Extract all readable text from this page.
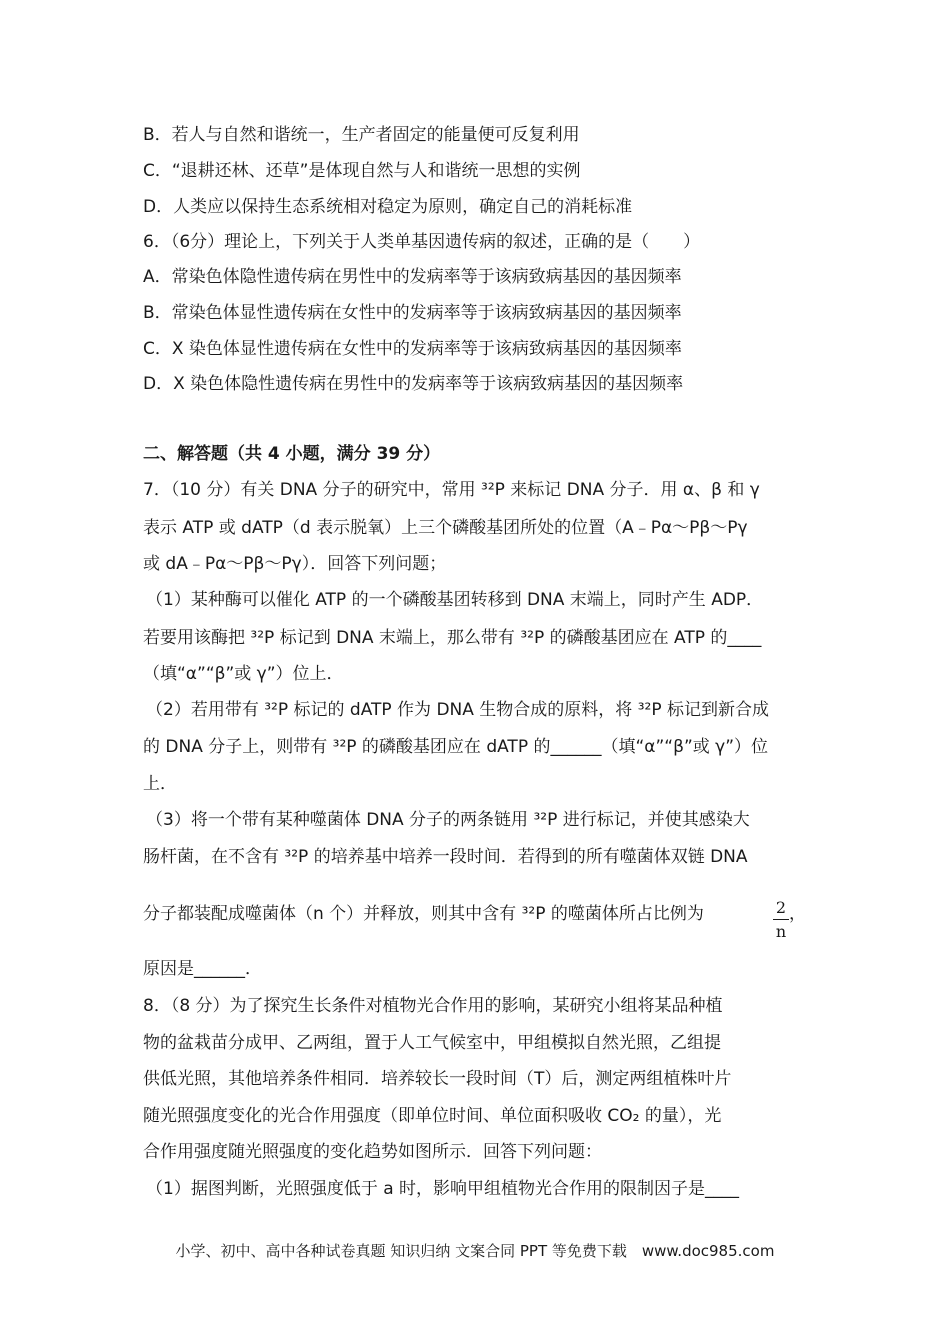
B．若人与自然和谐统一，生产者固定的能量便可反复利用
C．“退耕还林、还草”是体现自然与人和谐统一思想的实例
D．人类应以保持生态系统相对稳定为原则，确定自己的消耗标准
6．（6分）理论上，下列关于人类单基因遗传病的叙述，正确的是（　　）
A．常染色体隐性遗传病在男性中的发病率等于该病致病基因的基因频率
B．常染色体显性遗传病在女性中的发病率等于该病致病基因的基因频率
C．X 染色体显性遗传病在女性中的发病率等于该病致病基因的基因频率
D．X 染色体隐性遗传病在男性中的发病率等于该病致病基因的基因频率
二、解答题（共 4 小题，满分 39 分）
7．（10 分）有关 DNA 分子的研究中，常用 ³²P 来标记 DNA 分子．用 α、β 和 γ
表示 ATP 或 dATP（d 表示脱氧）上三个磷酸基团所处的位置（A﹣Pα～Pβ～Pγ
或 dA﹣Pα～Pβ～Pγ）．回答下列问题；
（1）某种酶可以催化 ATP 的一个磷酸基团转移到 DNA 末端上，同时产生 ADP．
若要用该酶把 ³²P 标记到 DNA 末端上，那么带有 ³²P 的磷酸基团应在 ATP 的____
（填“α”“β”或 γ”）位上．
（2）若用带有 ³²P 标记的 dATP 作为 DNA 生物合成的原料，将 ³²P 标记到新合成
的 DNA 分子上，则带有 ³²P 的磷酸基团应在 dATP 的______（填“α”“β”或 γ”）位
上．
（3）将一个带有某种噬菌体 DNA 分子的两条链用 ³²P 进行标记，并使其感染大
肠杆菌，在不含有 ³²P 的培养基中培养一段时间．若得到的所有噬菌体双链 DNA
分子都装配成噬菌体（n 个）并释放，则其中含有 ³²P 的噬菌体所占比例为	2
n
，
原因是______．
8．（8 分）为了探究生长条件对植物光合作用的影响，某研究小组将某品种植
物的盆栽苗分成甲、乙两组，置于人工气候室中，甲组模拟自然光照，乙组提
供低光照，其他培养条件相同．培养较长一段时间（T）后，测定两组植株叶片
随光照强度变化的光合作用强度（即单位时间、单位面积吸收 CO₂ 的量），光
合作用强度随光照强度的变化趋势如图所示．回答下列问题：
（1）据图判断，光照强度低于 a 时，影响甲组植物光合作用的限制因子是____
小学、初中、高中各种试卷真题 知识归纳 文案合同 PPT 等免费下载　www.doc985.com
